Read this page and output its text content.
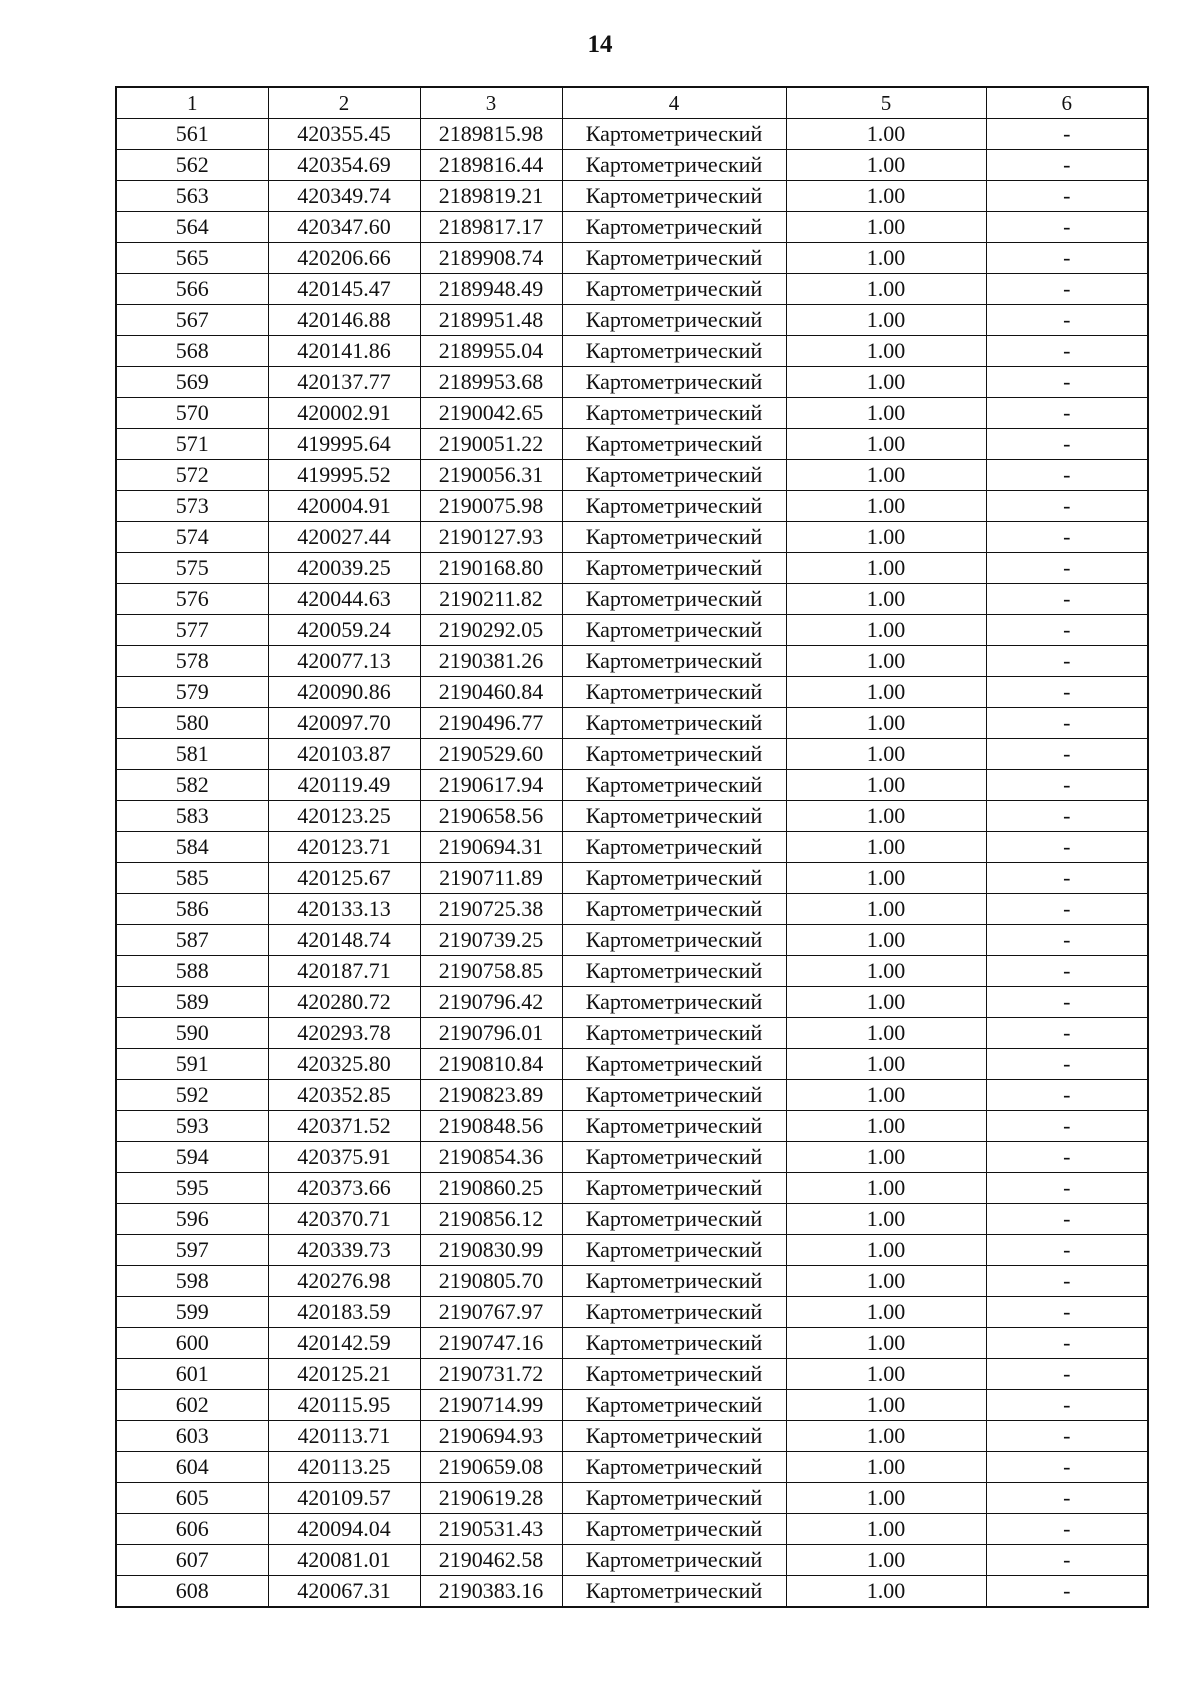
14
1	2	3	4	5	6
561	420355.45	2189815.98	Картометрический	1.00	-
562	420354.69	2189816.44	Картометрический	1.00	-
563	420349.74	2189819.21	Картометрический	1.00	-
564	420347.60	2189817.17	Картометрический	1.00	-
565	420206.66	2189908.74	Картометрический	1.00	-
566	420145.47	2189948.49	Картометрический	1.00	-
567	420146.88	2189951.48	Картометрический	1.00	-
568	420141.86	2189955.04	Картометрический	1.00	-
569	420137.77	2189953.68	Картометрический	1.00	-
570	420002.91	2190042.65	Картометрический	1.00	-
571	419995.64	2190051.22	Картометрический	1.00	-
572	419995.52	2190056.31	Картометрический	1.00	-
573	420004.91	2190075.98	Картометрический	1.00	-
574	420027.44	2190127.93	Картометрический	1.00	-
575	420039.25	2190168.80	Картометрический	1.00	-
576	420044.63	2190211.82	Картометрический	1.00	-
577	420059.24	2190292.05	Картометрический	1.00	-
578	420077.13	2190381.26	Картометрический	1.00	-
579	420090.86	2190460.84	Картометрический	1.00	-
580	420097.70	2190496.77	Картометрический	1.00	-
581	420103.87	2190529.60	Картометрический	1.00	-
582	420119.49	2190617.94	Картометрический	1.00	-
583	420123.25	2190658.56	Картометрический	1.00	-
584	420123.71	2190694.31	Картометрический	1.00	-
585	420125.67	2190711.89	Картометрический	1.00	-
586	420133.13	2190725.38	Картометрический	1.00	-
587	420148.74	2190739.25	Картометрический	1.00	-
588	420187.71	2190758.85	Картометрический	1.00	-
589	420280.72	2190796.42	Картометрический	1.00	-
590	420293.78	2190796.01	Картометрический	1.00	-
591	420325.80	2190810.84	Картометрический	1.00	-
592	420352.85	2190823.89	Картометрический	1.00	-
593	420371.52	2190848.56	Картометрический	1.00	-
594	420375.91	2190854.36	Картометрический	1.00	-
595	420373.66	2190860.25	Картометрический	1.00	-
596	420370.71	2190856.12	Картометрический	1.00	-
597	420339.73	2190830.99	Картометрический	1.00	-
598	420276.98	2190805.70	Картометрический	1.00	-
599	420183.59	2190767.97	Картометрический	1.00	-
600	420142.59	2190747.16	Картометрический	1.00	-
601	420125.21	2190731.72	Картометрический	1.00	-
602	420115.95	2190714.99	Картометрический	1.00	-
603	420113.71	2190694.93	Картометрический	1.00	-
604	420113.25	2190659.08	Картометрический	1.00	-
605	420109.57	2190619.28	Картометрический	1.00	-
606	420094.04	2190531.43	Картометрический	1.00	-
607	420081.01	2190462.58	Картометрический	1.00	-
608	420067.31	2190383.16	Картометрический	1.00	-
